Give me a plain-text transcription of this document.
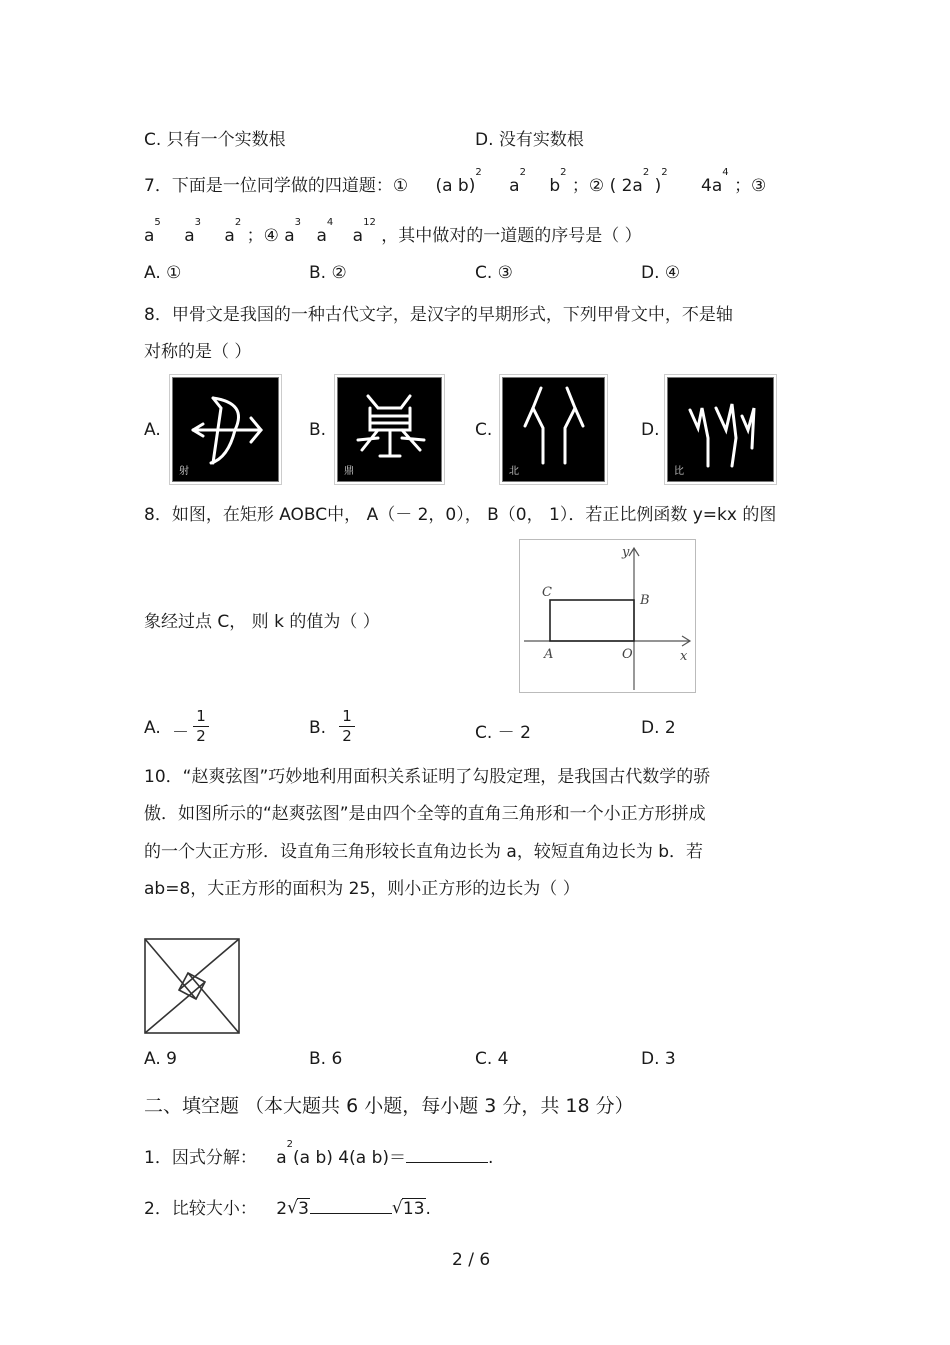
C. 只有一个实数根	D. 没有实数根
7．下面是一位同学做的四道题：① (a b)$^2$ $a^2$ $b^2$ ；② ( $2a^2$ )$^2$ $4a^4$ ；③
$a^5$ $a^3$ $a^2$ ；④ $a^3$ $a^4$ $a^{12}$ ，其中做对的一道题的序号是（ ）
A. ①	B. ②	C. ③	D. ④
8．甲骨文是我国的一种古代文字，是汉字的早期形式，下列甲骨文中，不是轴
对称的是（ ）
A.	B.	C.	D.
射	鼎	北	比
8．如图，在矩形 AOBC中， A（－ 2，0）， B（0， 1）．若正比例函数 y=kx 的图
象经过点 C， 则 k 的值为（ ）
y
x
C
B
A	O
A. －
1
2	B.
1
2	C. － 2	D. 2
10．“赵爽弦图”巧妙地利用面积关系证明了勾股定理，是我国古代数学的骄
傲．如图所示的“赵爽弦图”是由四个全等的直角三角形和一个小正方形拼成
的一个大正方形．设直角三角形较长直角边长为 a，较短直角边长为 b．若
ab=8，大正方形的面积为 25，则小正方形的边长为（ ）
A. 9	B. 6	C. 4	D. 3
二、填空题 （本大题共 6 小题，每小题 3 分，共 18 分）
1．因式分解： $a^2(a$ b) 4(a b)＝	.
2．比较大小： 2 √ 3	√ 13.
2 / 6
